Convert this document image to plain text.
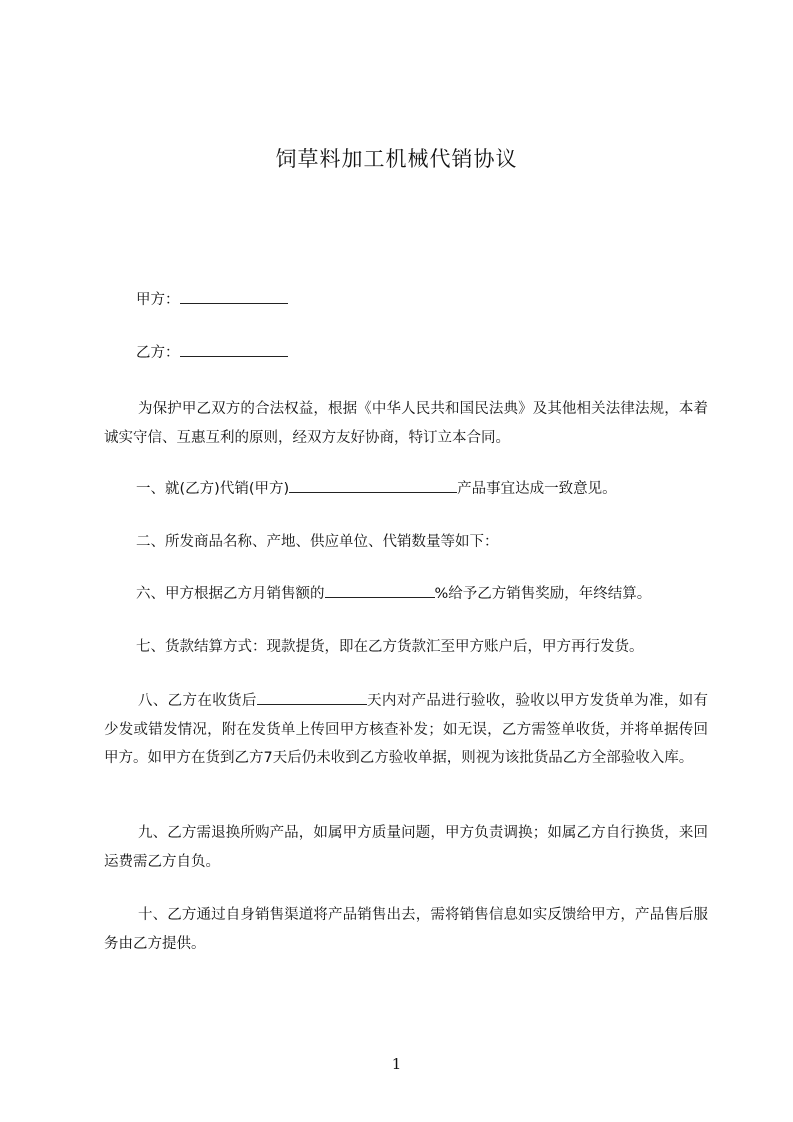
饲草料加工机械代销协议
甲方：
乙方：
为保护甲乙双方的合法权益，根据《中华人民共和国民法典》及其他相关法律法规，本着诚实守信、互惠互利的原则，经双方友好协商，特订立本合同。
一、就(乙方)代销(甲方)	产品事宜达成一致意见。
二、所发商品名称、产地、供应单位、代销数量等如下：
六、甲方根据乙方月销售额的	%给予乙方销售奖励，年终结算。
七、货款结算方式：现款提货，即在乙方货款汇至甲方账户后，甲方再行发货。
八、乙方在收货后	天内对产品进行验收，验收以甲方发货单为准，如有少发或错发情况，附在发货单上传回甲方核查补发；如无误，乙方需签单收货，并将单据传回甲方。如甲方在货到乙方7天后仍未收到乙方验收单据，则视为该批货品乙方全部验收入库。
九、乙方需退换所购产品，如属甲方质量问题，甲方负责调换；如属乙方自行换货，来回运费需乙方自负。
十、乙方通过自身销售渠道将产品销售出去，需将销售信息如实反馈给甲方，产品售后服务由乙方提供。
1
